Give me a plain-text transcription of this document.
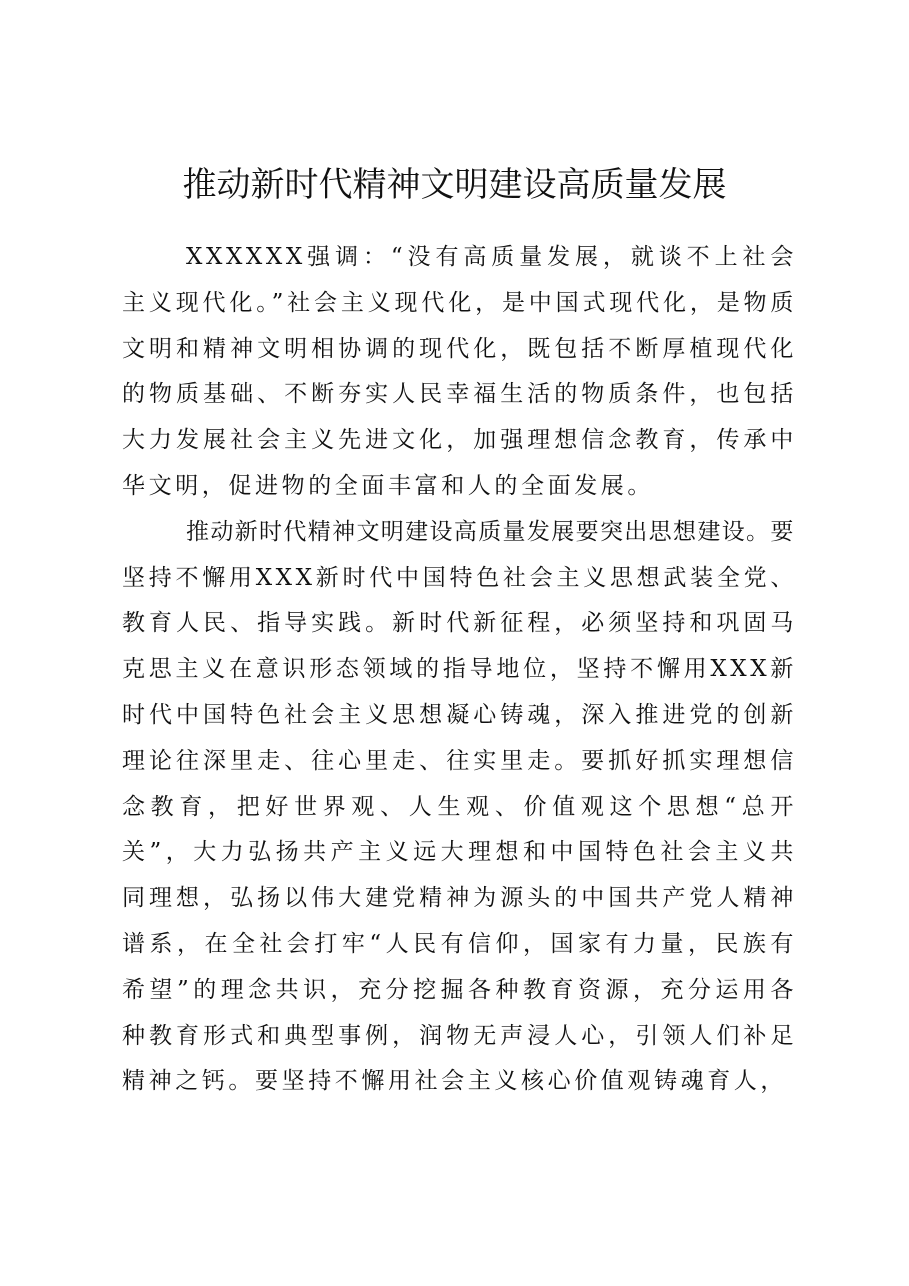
推动新时代精神文明建设高质量发展

XXXXXX强调：“没有高质量发展，就谈不上社会主义现代化。”社会主义现代化，是中国式现代化，是物质文明和精神文明相协调的现代化，既包括不断厚植现代化的物质基础、不断夯实人民幸福生活的物质条件，也包括大力发展社会主义先进文化，加强理想信念教育，传承中华文明，促进物的全面丰富和人的全面发展。

推动新时代精神文明建设高质量发展要突出思想建设。要坚持不懈用XXX新时代中国特色社会主义思想武装全党、教育人民、指导实践。新时代新征程，必须坚持和巩固马克思主义在意识形态领域的指导地位，坚持不懈用XXX新时代中国特色社会主义思想凝心铸魂，深入推进党的创新理论往深里走、往心里走、往实里走。要抓好抓实理想信念教育，把好世界观、人生观、价值观这个思想“总开关”，大力弘扬共产主义远大理想和中国特色社会主义共同理想，弘扬以伟大建党精神为源头的中国共产党人精神谱系，在全社会打牢“人民有信仰，国家有力量，民族有希望”的理念共识，充分挖掘各种教育资源，充分运用各种教育形式和典型事例，润物无声浸人心，引领人们补足精神之钙。要坚持不懈用社会主义核心价值观铸魂育人，
